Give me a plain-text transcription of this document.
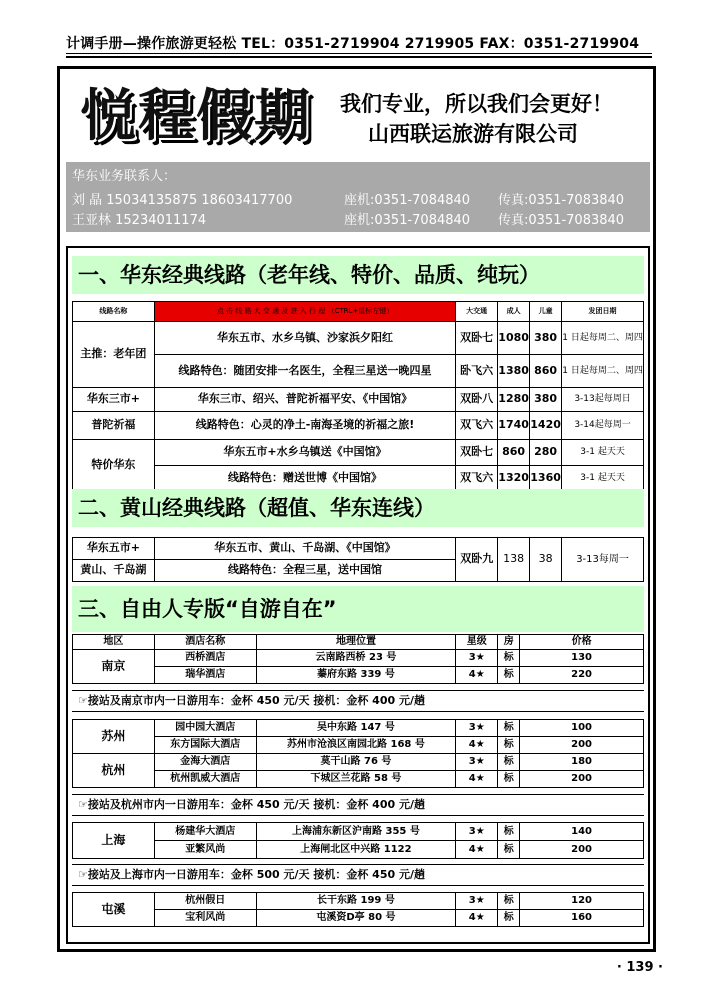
计调手册—操作旅游更轻松 TEL：0351-2719904 2719905 FAX：0351-2719904
悦程假期 我们专业，所以我们会更好！
山西联运旅游有限公司
华东业务联系人：
刘 晶 15034135875 18603417700	座机:0351-7084840 传真:0351-7083840
王亚林 15234011174	座机:0351-7084840 传真:0351-7083840
一、华东经典线路（老年线、特价、品质、纯玩）
线路名称	点 击 线 路 大 交 通 及 进 入 行 程 （CTRL+鼠标左键）	大交通	成人	儿童	发团日期
主推：老年团	华东五市、水乡乌镇、沙家浜夕阳红	双卧七	1080	380	1 日起每周二、周四
	线路特色：随团安排一名医生，全程三星送一晚四星	卧飞六	1380	860	1 日起每周二、周四
华东三市+	华东三市、绍兴、普陀祈福平安、《中国馆》	双卧八	1280	380	3-13起每周日
普陀祈福	线路特色：心灵的净土-南海圣境的祈福之旅!	双飞六	1740	1420	3-14起每周一
特价华东	华东五市+水乡乌镇送《中国馆》	双卧七	860	280	3-1 起天天
	线路特色：赠送世博《中国馆》	双飞六	1320	1360	3-1 起天天
二、黄山经典线路（超值、华东连线）
华东五市+	华东五市、黄山、千岛湖、《中国馆》	双卧九	138	38	3-13每周一
黄山、千岛湖	线路特色：全程三星，送中国馆				
三、自由人专版“自游自在”
地区	酒店名称	地理位置	星级	房	价格
南京	西桥酒店	云南路西桥 23 号	3★	标	130
	瑞华酒店	蓁府东路 339 号	4★	标	220
☞接站及南京市内一日游用车：金杯 450 元/天 接机：金杯 400 元/趟
苏州	园中园大酒店	吴中东路 147 号	3★	标	100
	东方国际大酒店	苏州市沧浪区南园北路 168 号	4★	标	200
杭州	金海大酒店	莫干山路 76 号	3★	标	180
	杭州凯威大酒店	下城区兰花路 58 号	4★	标	200
☞接站及杭州市内一日游用车：金杯 450 元/天 接机：金杯 400 元/趟
上海	杨建华大酒店	上海浦东新区沪南路 355 号	3★	标	140
	亚繁风尚	上海闸北区中兴路 1122	4★	标	200
☞接站及上海市内一日游用车：金杯 500 元/天 接机：金杯 450 元/趟
屯溪	杭州假日	长干东路 199 号	3★	标	120
	宝利风尚	屯溪资D亭 80 号	4★	标	160
· 139 ·
